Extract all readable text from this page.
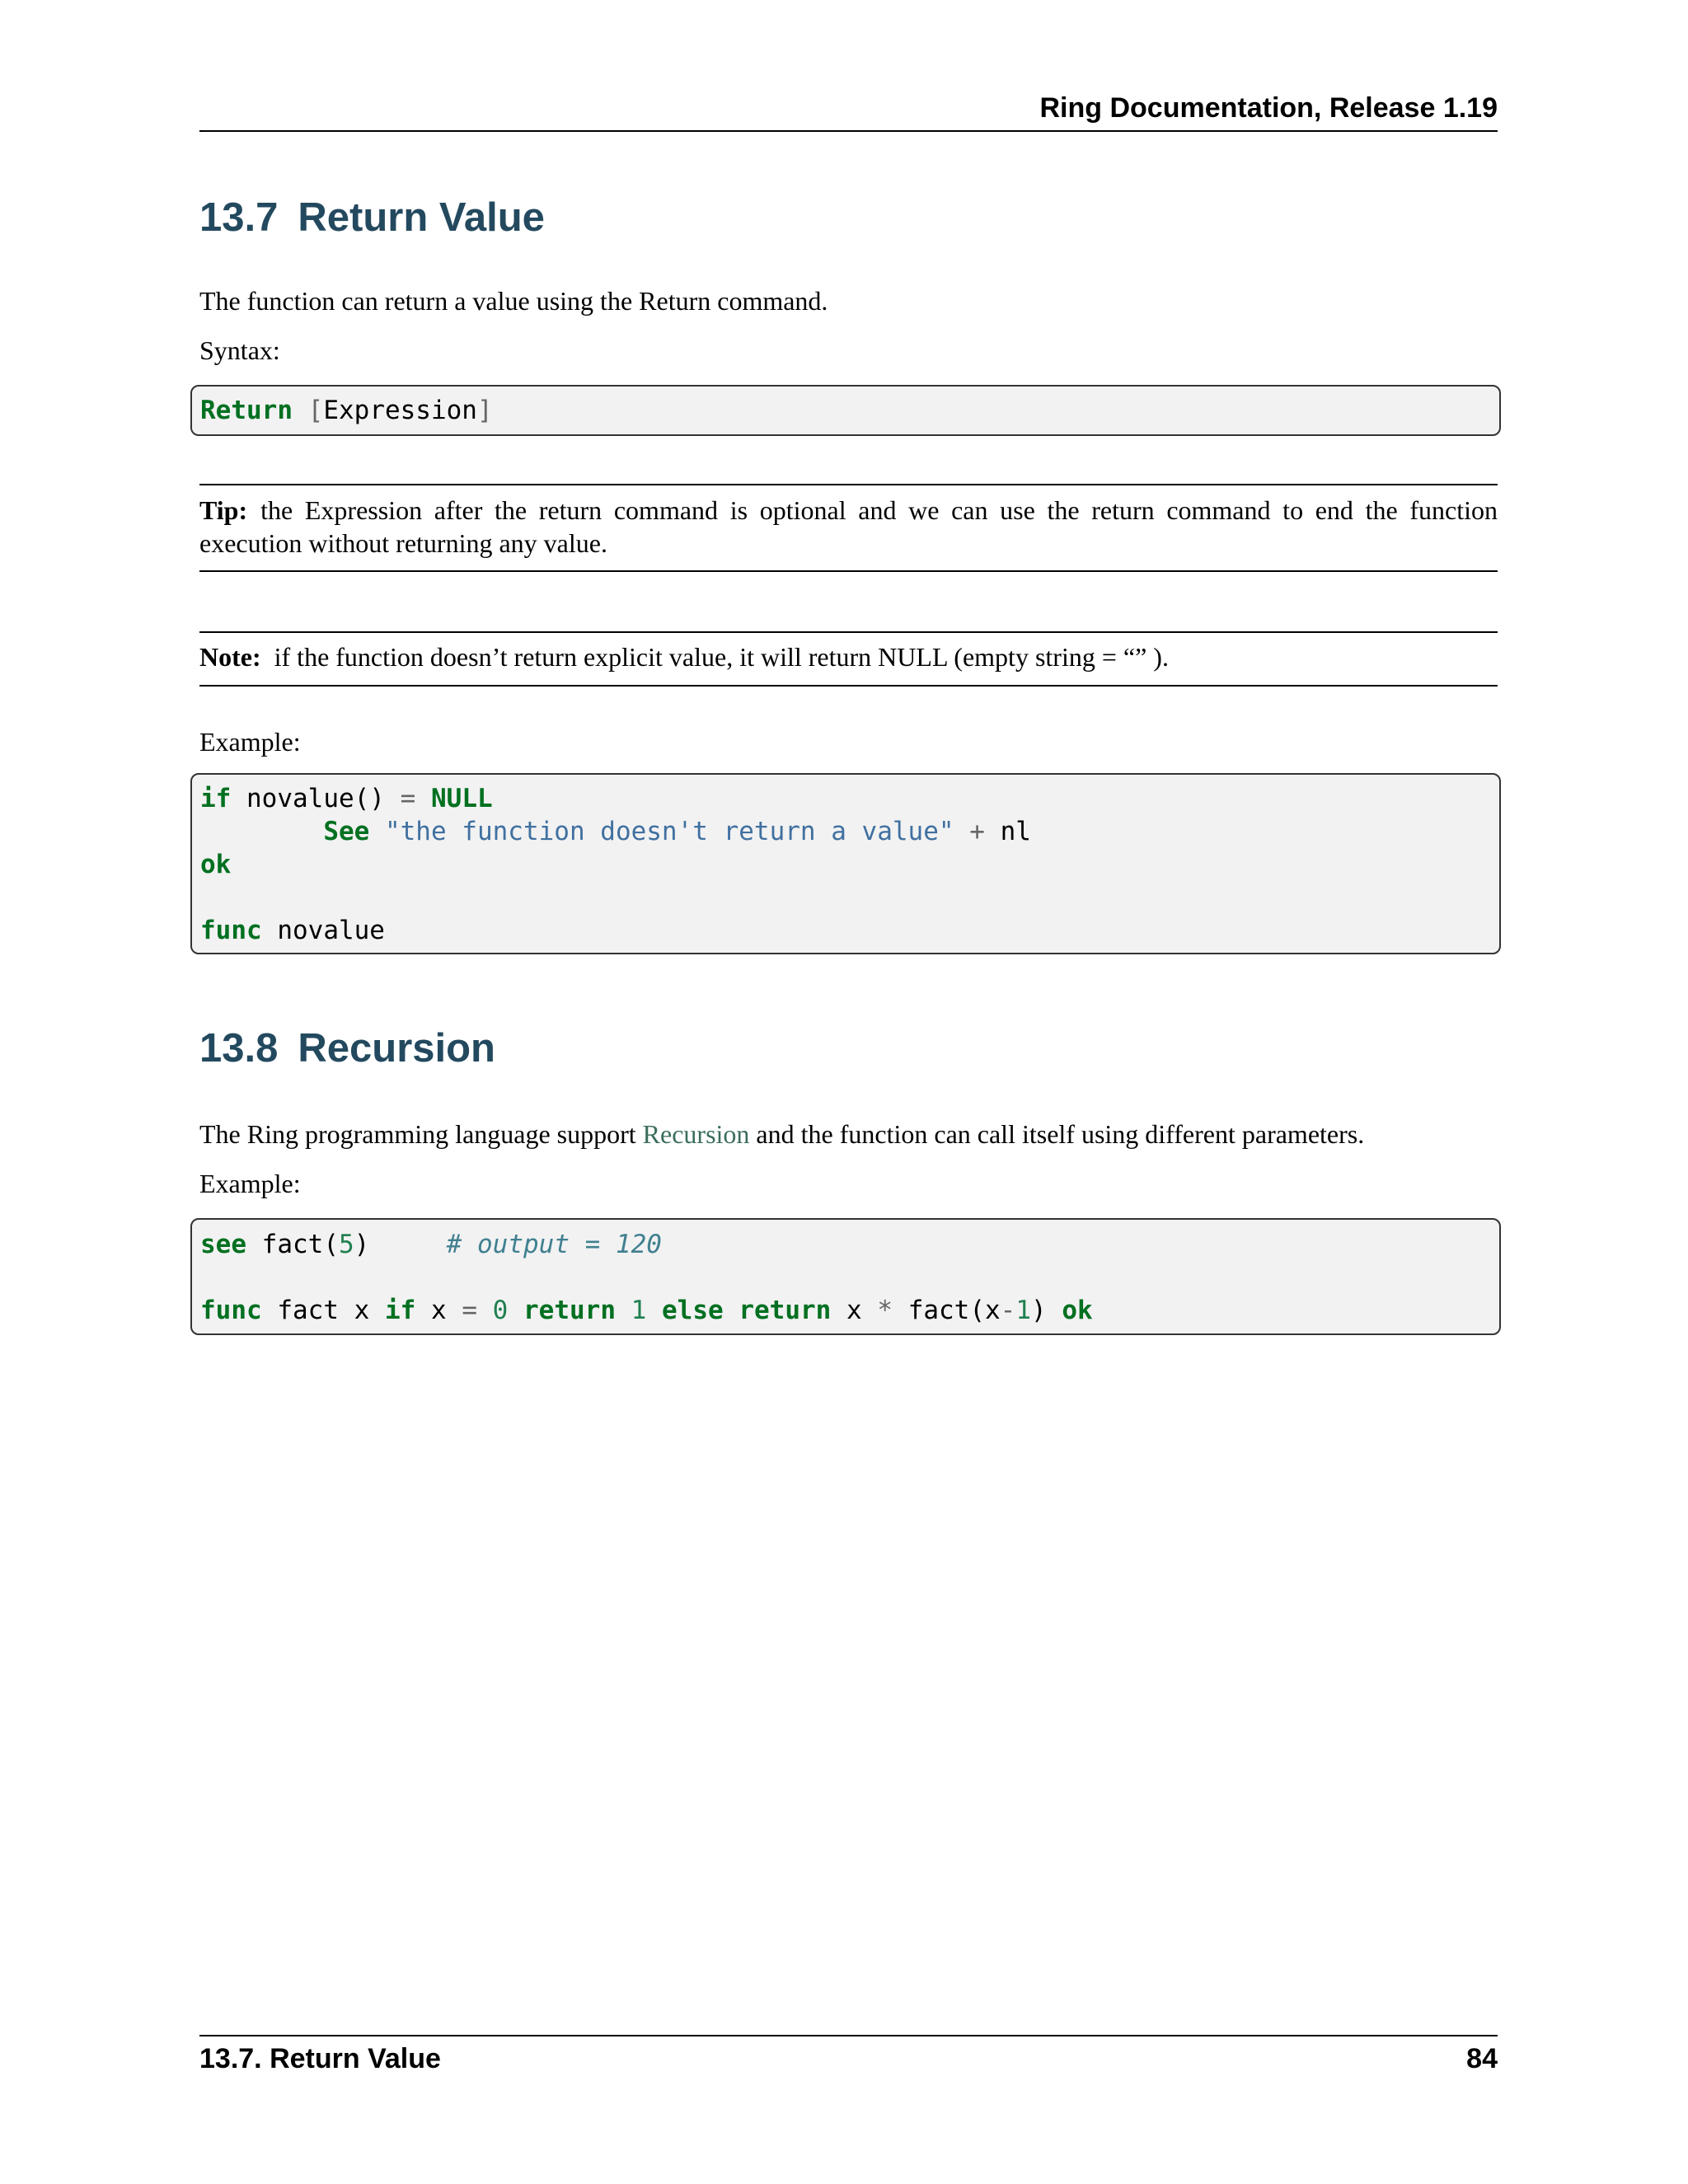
Ring Documentation, Release 1.19
13.7 Return Value
The function can return a value using the Return command.
Syntax:
Return [Expression]
Tip: the Expression after the return command is optional and we can use the return command to end the function execution without returning any value.
Note: if the function doesn’t return explicit value, it will return NULL (empty string = “” ).
Example:
if novalue() = NULL
See "the function doesn't return a value" + nl
ok
func novalue
13.8 Recursion
The Ring programming language support Recursion and the function can call itself using different parameters.
Example:
see fact(5)	# output = 120
func fact x if x = 0 return 1 else return x * fact(x-1) ok
13.7. Return Value	84
